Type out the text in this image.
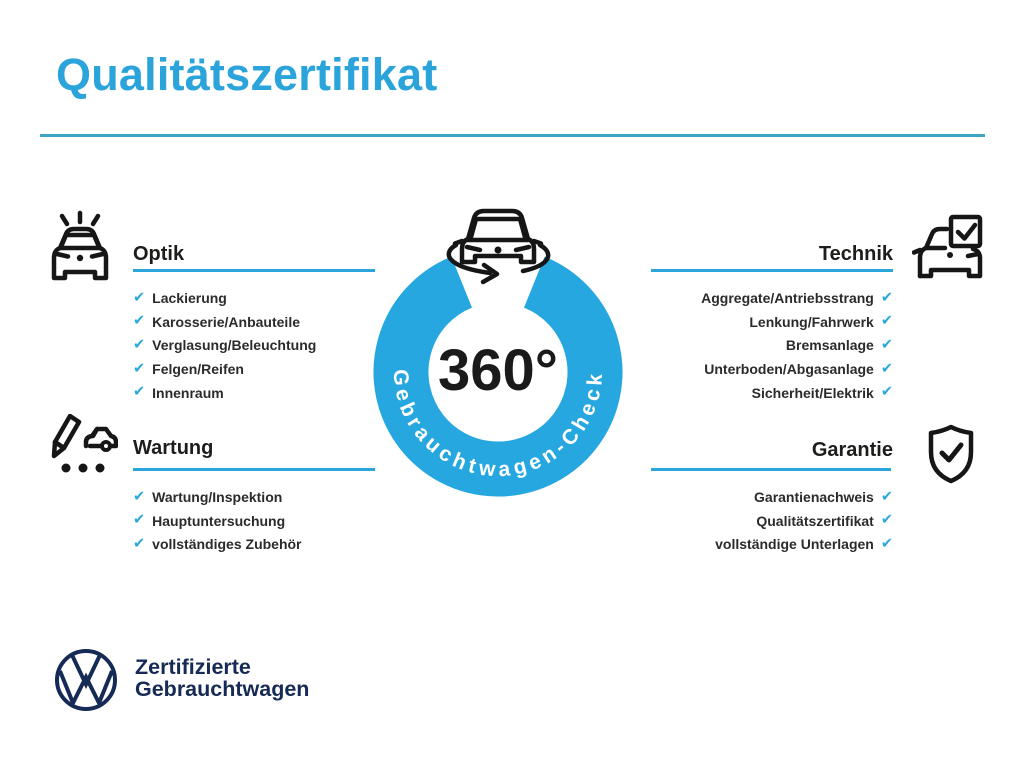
Qualitätszertifikat
Optik
✔ Lackierung
✔ Karosserie/Anbauteile
✔ Verglasung/Beleuchtung
✔ Felgen/Reifen
✔ Innenraum
Wartung
✔ Wartung/Inspektion
✔ Hauptuntersuchung
✔ vollständiges Zubehör
Technik
Aggregate/Antriebsstrang ✔
Lenkung/Fahrwerk ✔
Bremsanlage ✔
Unterboden/Abgasanlage ✔
Sicherheit/Elektrik ✔
Garantie
Garantienachweis ✔
Qualitätszertifikat ✔
vollständige Unterlagen ✔
360°
Gebrauchtwagen-Check
Zertifizierte
Gebrauchtwagen
